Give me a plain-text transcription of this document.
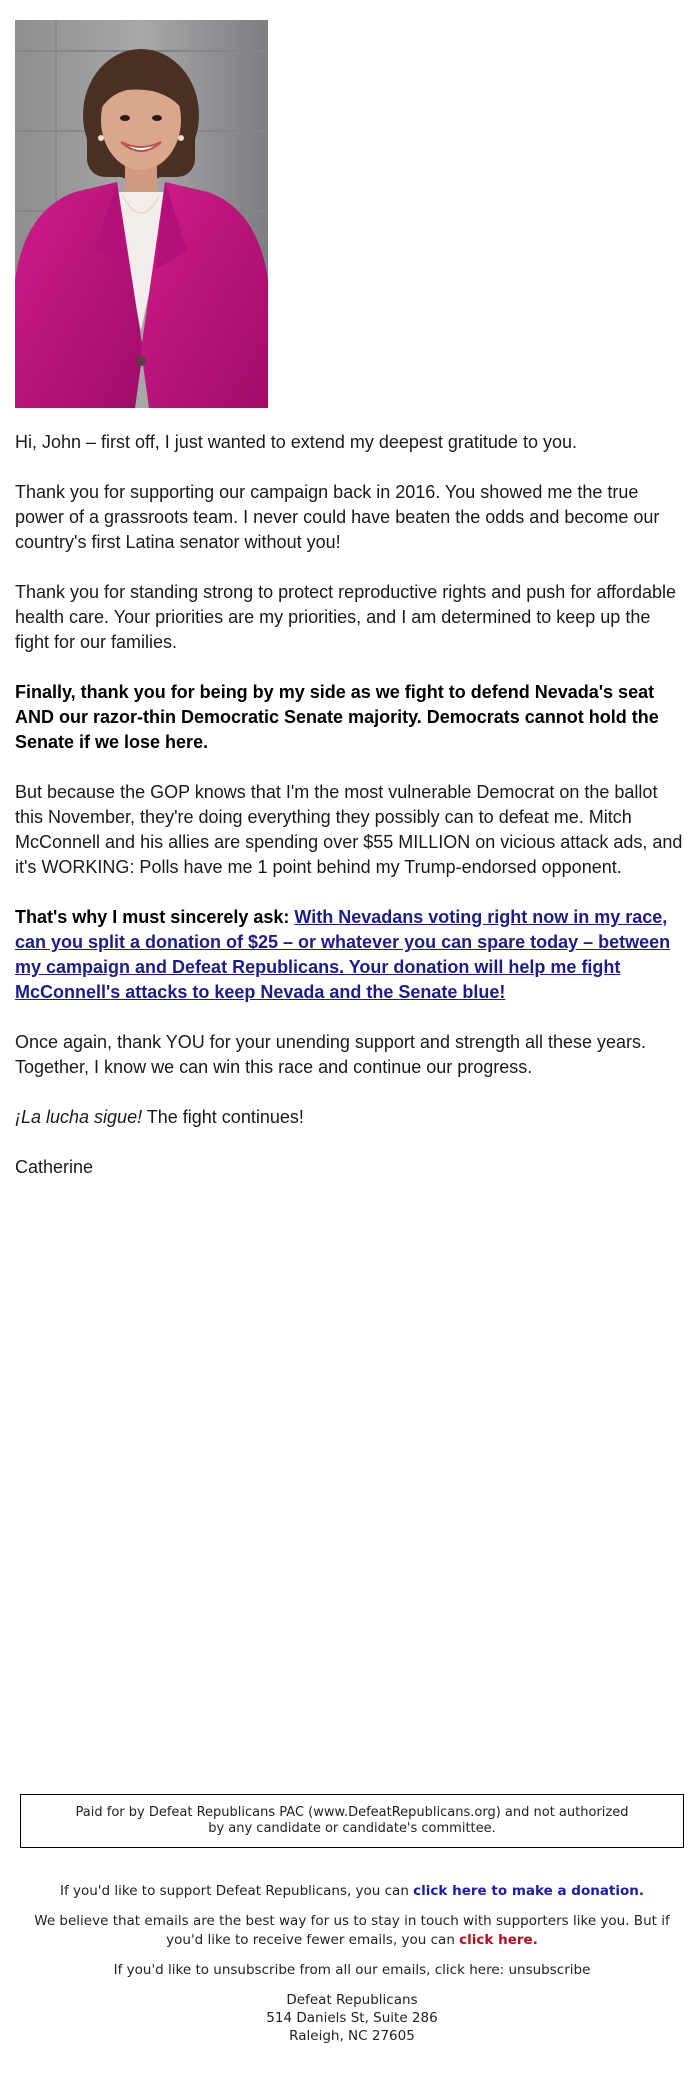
Hi, John – first off, I just wanted to extend my deepest gratitude to you.

Thank you for supporting our campaign back in 2016. You showed me the true power of a grassroots team. I never could have beaten the odds and become our country's first Latina senator without you!

Thank you for standing strong to protect reproductive rights and push for affordable health care. Your priorities are my priorities, and I am determined to keep up the fight for our families.

Finally, thank you for being by my side as we fight to defend Nevada's seat AND our razor-thin Democratic Senate majority. Democrats cannot hold the Senate if we lose here.

But because the GOP knows that I'm the most vulnerable Democrat on the ballot this November, they're doing everything they possibly can to defeat me. Mitch McConnell and his allies are spending over $55 MILLION on vicious attack ads, and it's WORKING: Polls have me 1 point behind my Trump-endorsed opponent.

That's why I must sincerely ask: With Nevadans voting right now in my race, can you split a donation of $25 – or whatever you can spare today – between my campaign and Defeat Republicans. Your donation will help me fight McConnell's attacks to keep Nevada and the Senate blue!

Once again, thank YOU for your unending support and strength all these years. Together, I know we can win this race and continue our progress.

¡La lucha sigue! The fight continues!

Catherine

Paid for by Defeat Republicans PAC (www.DefeatRepublicans.org) and not authorized by any candidate or candidate's committee.

If you'd like to support Defeat Republicans, you can click here to make a donation.

We believe that emails are the best way for us to stay in touch with supporters like you. But if you'd like to receive fewer emails, you can click here.

If you'd like to unsubscribe from all our emails, click here: unsubscribe

Defeat Republicans
514 Daniels St, Suite 286
Raleigh, NC 27605
